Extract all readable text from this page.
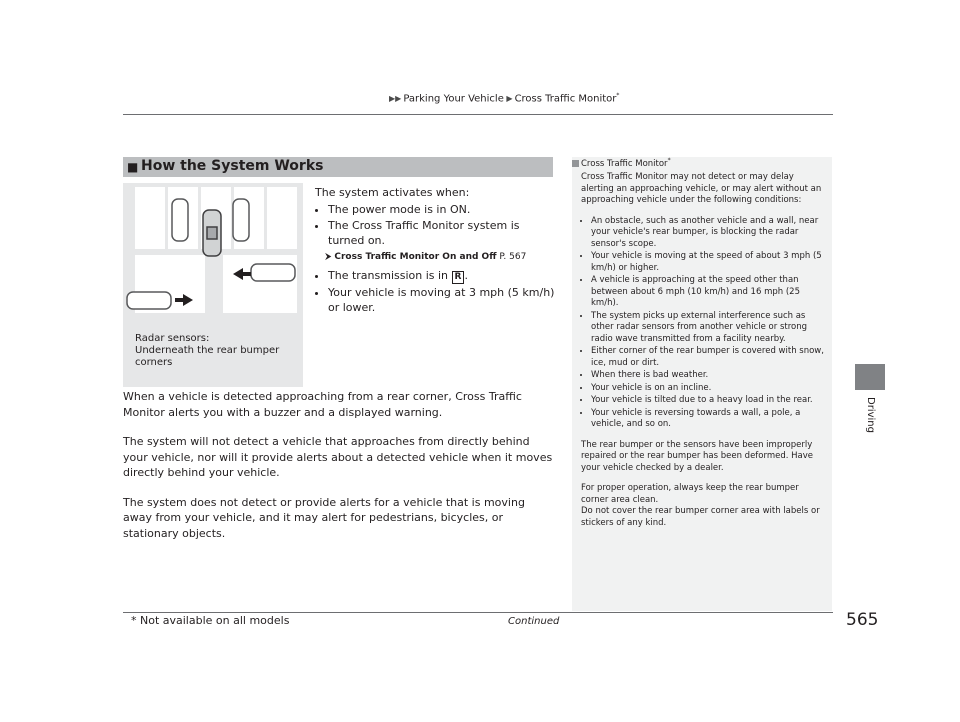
▶▶ Parking Your Vehicle ▶ Cross Traffic Monitor*
Driving
■ How the System Works
Radar sensors:
Underneath the rear bumper
corners
The system activates when:
• The power mode is in ON.
• The Cross Traffic Monitor system is turned on.
⮞ Cross Traffic Monitor On and Off P. 567
• The transmission is in R .
• Your vehicle is moving at 3 mph (5 km/h) or lower.

When a vehicle is detected approaching from a rear corner, Cross Traffic Monitor alerts you with a buzzer and a displayed warning.

The system will not detect a vehicle that approaches from directly behind your vehicle, nor will it provide alerts about a detected vehicle when it moves directly behind your vehicle.

The system does not detect or provide alerts for a vehicle that is moving away from your vehicle, and it may alert for pedestrians, bicycles, or stationary objects.

Cross Traffic Monitor*

Cross Traffic Monitor may not detect or may delay alerting an approaching vehicle, or may alert without an approaching vehicle under the following conditions:

• An obstacle, such as another vehicle and a wall, near your vehicle's rear bumper, is blocking the radar sensor's scope.
• Your vehicle is moving at the speed of about 3 mph (5 km/h) or higher.
• A vehicle is approaching at the speed other than between about 6 mph (10 km/h) and 16 mph (25 km/h).
• The system picks up external interference such as other radar sensors from another vehicle or strong radio wave transmitted from a facility nearby.
• Either corner of the rear bumper is covered with snow, ice, mud or dirt.
• When there is bad weather.
• Your vehicle is on an incline.
• Your vehicle is tilted due to a heavy load in the rear.
• Your vehicle is reversing towards a wall, a pole, a vehicle, and so on.

The rear bumper or the sensors have been improperly repaired or the rear bumper has been deformed. Have your vehicle checked by a dealer.

For proper operation, always keep the rear bumper corner area clean.
Do not cover the rear bumper corner area with labels or stickers of any kind.

* Not available on all models	Continued	565
